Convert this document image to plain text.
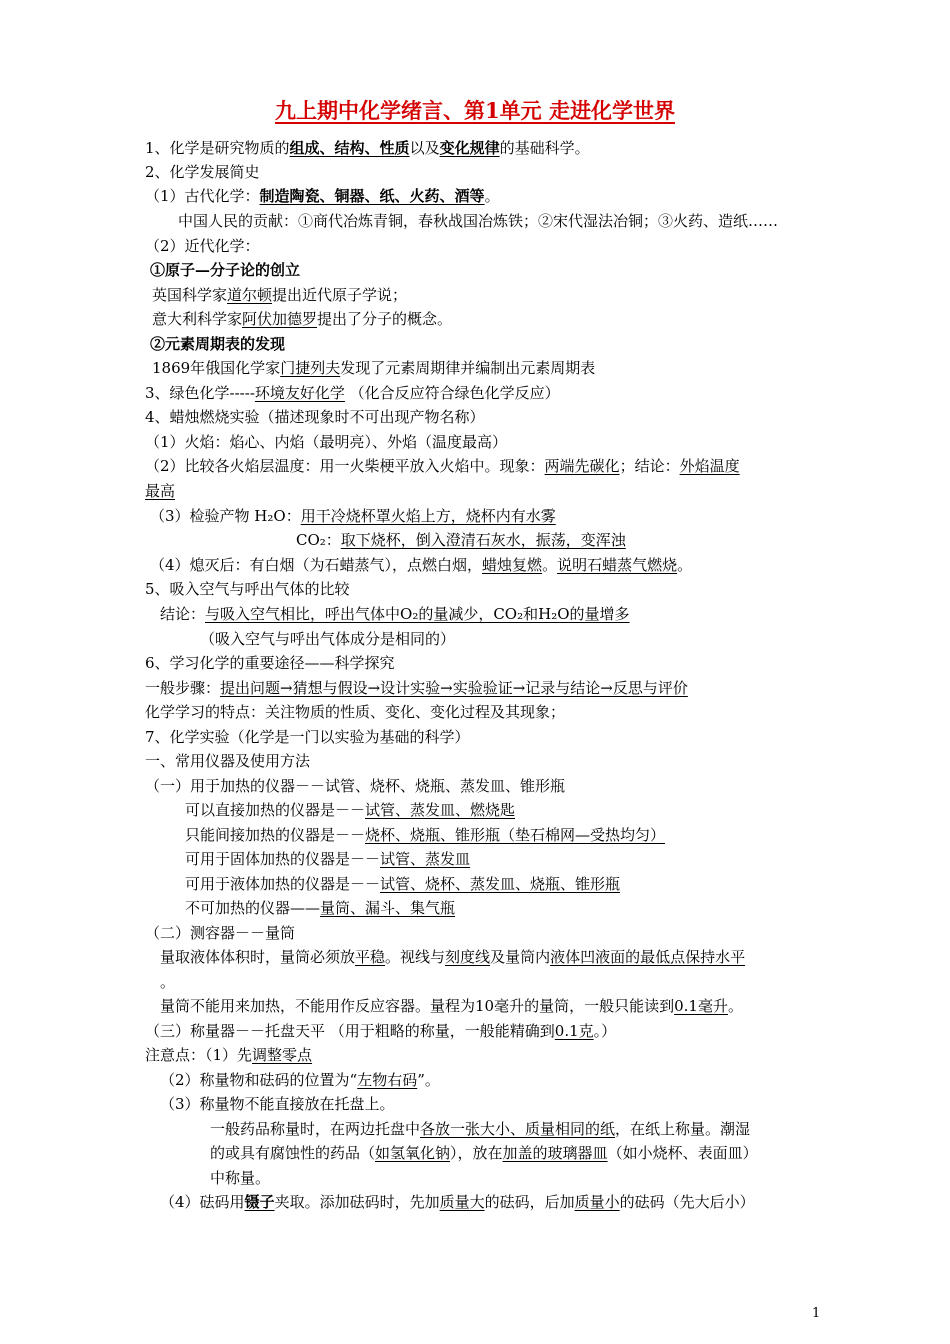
九上期中化学绪言、第1单元 走进化学世界
1、化学是研究物质的组成、结构、性质以及变化规律的基础科学。
2、化学发展简史
（1）古代化学：制造陶瓷、铜器、纸、火药、酒等。
中国人民的贡献：①商代冶炼青铜，春秋战国冶炼铁；②宋代湿法冶铜；③火药、造纸……
（2）近代化学：
①原子—分子论的创立
英国科学家道尔顿提出近代原子学说；
意大利科学家阿伏加德罗提出了分子的概念。
②元素周期表的发现
1869年俄国化学家门捷列夫发现了元素周期律并编制出元素周期表
3、绿色化学-----环境友好化学 （化合反应符合绿色化学反应）
4、蜡烛燃烧实验（描述现象时不可出现产物名称）
（1）火焰：焰心、内焰（最明亮）、外焰（温度最高）
（2）比较各火焰层温度：用一火柴梗平放入火焰中。现象：两端先碳化；结论：外焰温度
最高
（3）检验产物 H₂O：用干冷烧杯罩火焰上方，烧杯内有水雾
CO₂：取下烧杯，倒入澄清石灰水，振荡，变浑浊
（4）熄灭后：有白烟（为石蜡蒸气），点燃白烟，蜡烛复燃。说明石蜡蒸气燃烧。
5、吸入空气与呼出气体的比较
结论：与吸入空气相比，呼出气体中O₂的量减少，CO₂和H₂O的量增多
（吸入空气与呼出气体成分是相同的）
6、学习化学的重要途径——科学探究
一般步骤：提出问题→猜想与假设→设计实验→实验验证→记录与结论→反思与评价
化学学习的特点：关注物质的性质、变化、变化过程及其现象；
7、化学实验（化学是一门以实验为基础的科学）
一、常用仪器及使用方法
（一）用于加热的仪器－－试管、烧杯、烧瓶、蒸发皿、锥形瓶
可以直接加热的仪器是－－试管、蒸发皿、燃烧匙
只能间接加热的仪器是－－烧杯、烧瓶、锥形瓶（垫石棉网—受热均匀）
可用于固体加热的仪器是－－试管、蒸发皿
可用于液体加热的仪器是－－试管、烧杯、蒸发皿、烧瓶、锥形瓶
不可加热的仪器——量筒、漏斗、集气瓶
（二）测容器－－量筒
量取液体体积时，量筒必须放平稳。视线与刻度线及量筒内液体凹液面的最低点保持水平
。
量筒不能用来加热，不能用作反应容器。量程为10毫升的量筒，一般只能读到0.1毫升。
（三）称量器－－托盘天平 （用于粗略的称量，一般能精确到0.1克。）
注意点：（1）先调整零点
（2）称量物和砝码的位置为“左物右码”。
（3）称量物不能直接放在托盘上。
一般药品称量时，在两边托盘中各放一张大小、质量相同的纸，在纸上称量。潮湿
的或具有腐蚀性的药品（如氢氧化钠），放在加盖的玻璃器皿（如小烧杯、表面皿）
中称量。
（4）砝码用镊子夹取。添加砝码时，先加质量大的砝码，后加质量小的砝码（先大后小）
1
